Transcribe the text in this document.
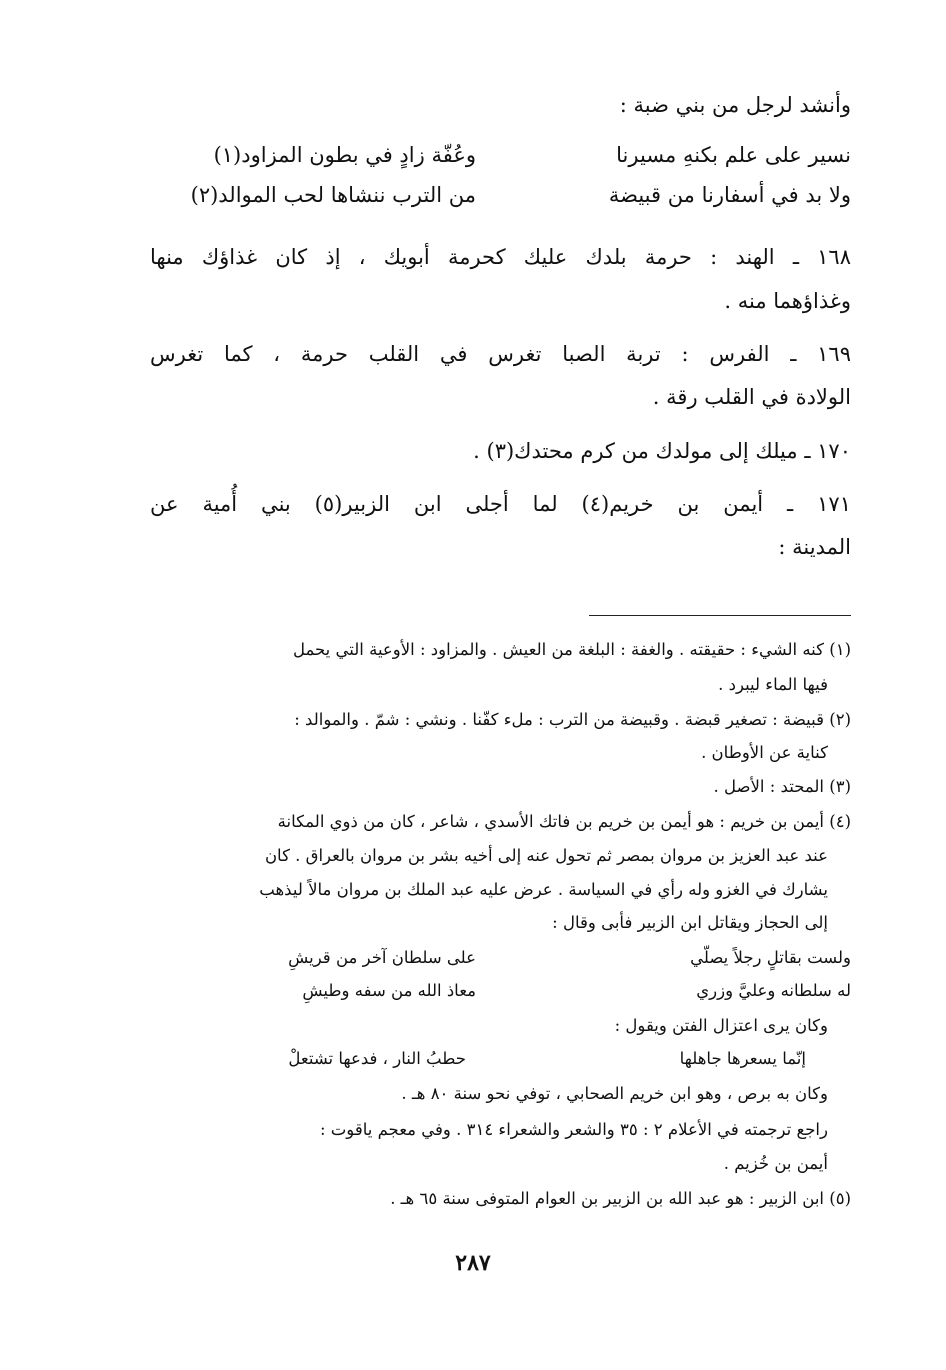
وأنشد لرجل من بني ضبة :
نسير على علم بكنهِ مسيرنا
وعُفّة زادٍ في بطون المزاود(١)
ولا بد في أسفارنا من قبيضة
من الترب ننشاها لحب الموالد(٢)
١٦٨ ـ الهند : حرمة بلدك عليك كحرمة أبويك ، إذ كان غذاؤك منها
وغذاؤهما منه .
١٦٩ ـ الفرس : تربة الصبا تغرس في القلب حرمة ، كما تغرس
الولادة في القلب رقة .
١٧٠ ـ ميلك إلى مولدك من كرم محتدك(٣) .
١٧١ ـ أيمن بن خريم(٤) لما أجلى ابن الزبير(٥) بني أُمية عن
المدينة :
(١) كنه الشيء : حقيقته . والغفة : البلغة من العيش . والمزاود : الأوعية التي يحمل
فيها الماء ليبرد .
(٢) قبيضة : تصغير قبضة . وقبيضة من الترب : ملء كفّنا . ونشي : شمّ . والموالد :
كناية عن الأوطان .
(٣) المحتد : الأصل .
(٤) أيمن بن خريم : هو أيمن بن خريم بن فاتك الأسدي ، شاعر ، كان من ذوي المكانة
عند عبد العزيز بن مروان بمصر ثم تحول عنه إلى أخيه بشر بن مروان بالعراق . كان
يشارك في الغزو وله رأي في السياسة . عرض عليه عبد الملك بن مروان مالاً ليذهب
إلى الحجاز ويقاتل ابن الزبير فأبى وقال :
ولست بقاتلٍ رجلاً يصلّي
على سلطان آخر من قريشِ
له سلطانه وعليَّ وزري
معاذ الله من سفه وطيشِ
وكان يرى اعتزال الفتن ويقول :
إنّما يسعرها جاهلها
حطبُ النار ، فدعها تشتعلْ
وكان به برص ، وهو ابن خريم الصحابي ، توفي نحو سنة ٨٠ هـ .
راجع ترجمته في الأعلام ٢ : ٣٥ والشعر والشعراء ٣١٤ . وفي معجم ياقوت :
أيمن بن خُزيم .
(٥) ابن الزبير : هو عبد الله بن الزبير بن العوام المتوفى سنة ٦٥ هـ .
٢٨٧
